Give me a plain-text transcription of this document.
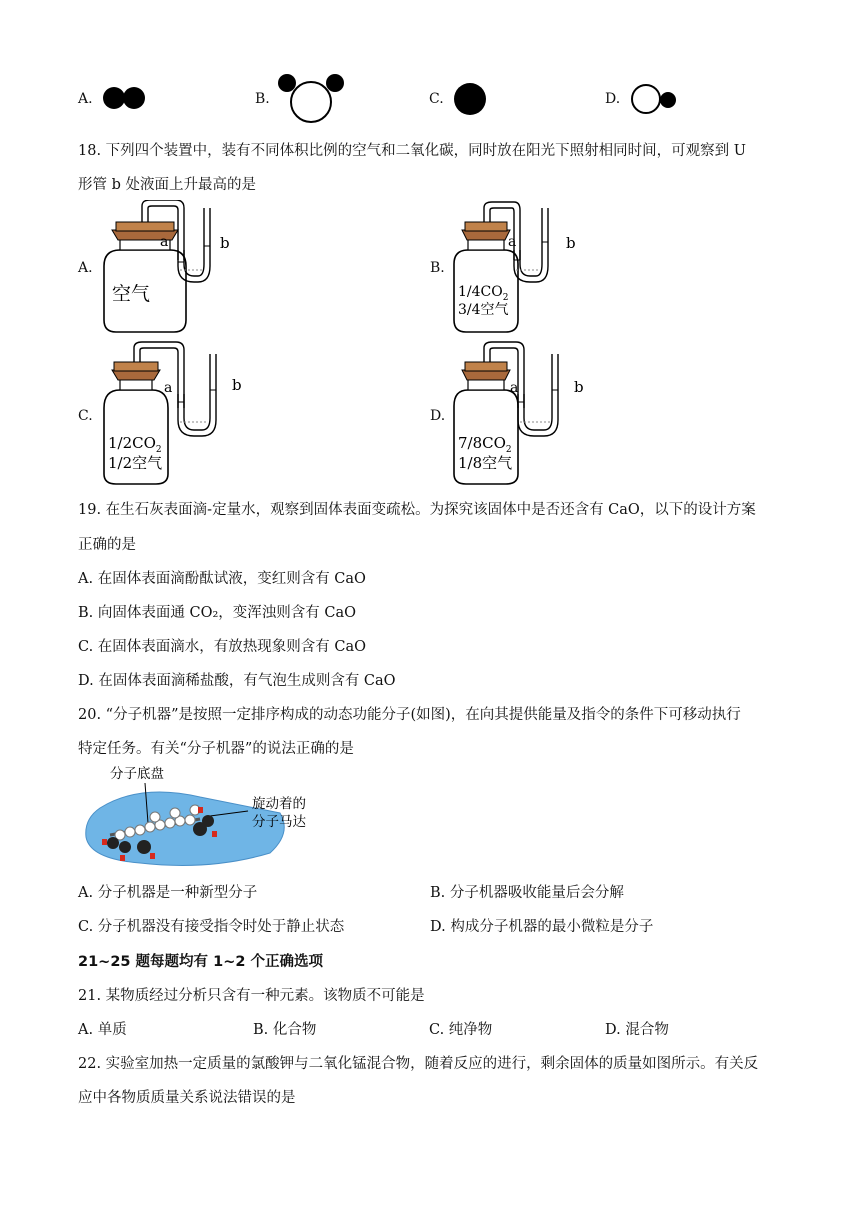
A.	B.	C.	D.
18. 下列四个装置中，装有不同体积比例的空气和二氧化碳，同时放在阳光下照射相同时间，可观察到 U
形管 b 处液面上升最高的是
A.
a	b
空气
B.
a	b
$1/4CO_2$
3/4空气
C.
a	b
$1/2CO_2$
1/2空气
D.
a	b
$7/8CO_2$
1/8空气
19. 在生石灰表面滴-定量水，观察到固体表面变疏松。为探究该固体中是否还含有 CaO，以下的设计方案
正确的是
A. 在固体表面滴酚酞试液，变红则含有 CaO
B. 向固体表面通 CO₂，变浑浊则含有 CaO
C. 在固体表面滴水，有放热现象则含有 CaO
D. 在固体表面滴稀盐酸，有气泡生成则含有 CaO
20. “分子机器”是按照一定排序构成的动态功能分子(如图)，在向其提供能量及指令的条件下可移动执行
特定任务。有关“分子机器”的说法正确的是
分子底盘
旋动着的
分子马达
A. 分子机器是一种新型分子	B. 分子机器吸收能量后会分解
C. 分子机器没有接受指令时处于静止状态	D. 构成分子机器的最小微粒是分子
21~25 题每题均有 1~2 个正确选项
21. 某物质经过分析只含有一种元素。该物质不可能是
A. 单质	B. 化合物	C. 纯净物	D. 混合物
22. 实验室加热一定质量的氯酸钾与二氧化锰混合物，随着反应的进行，剩余固体的质量如图所示。有关反
应中各物质质量关系说法错误的是
